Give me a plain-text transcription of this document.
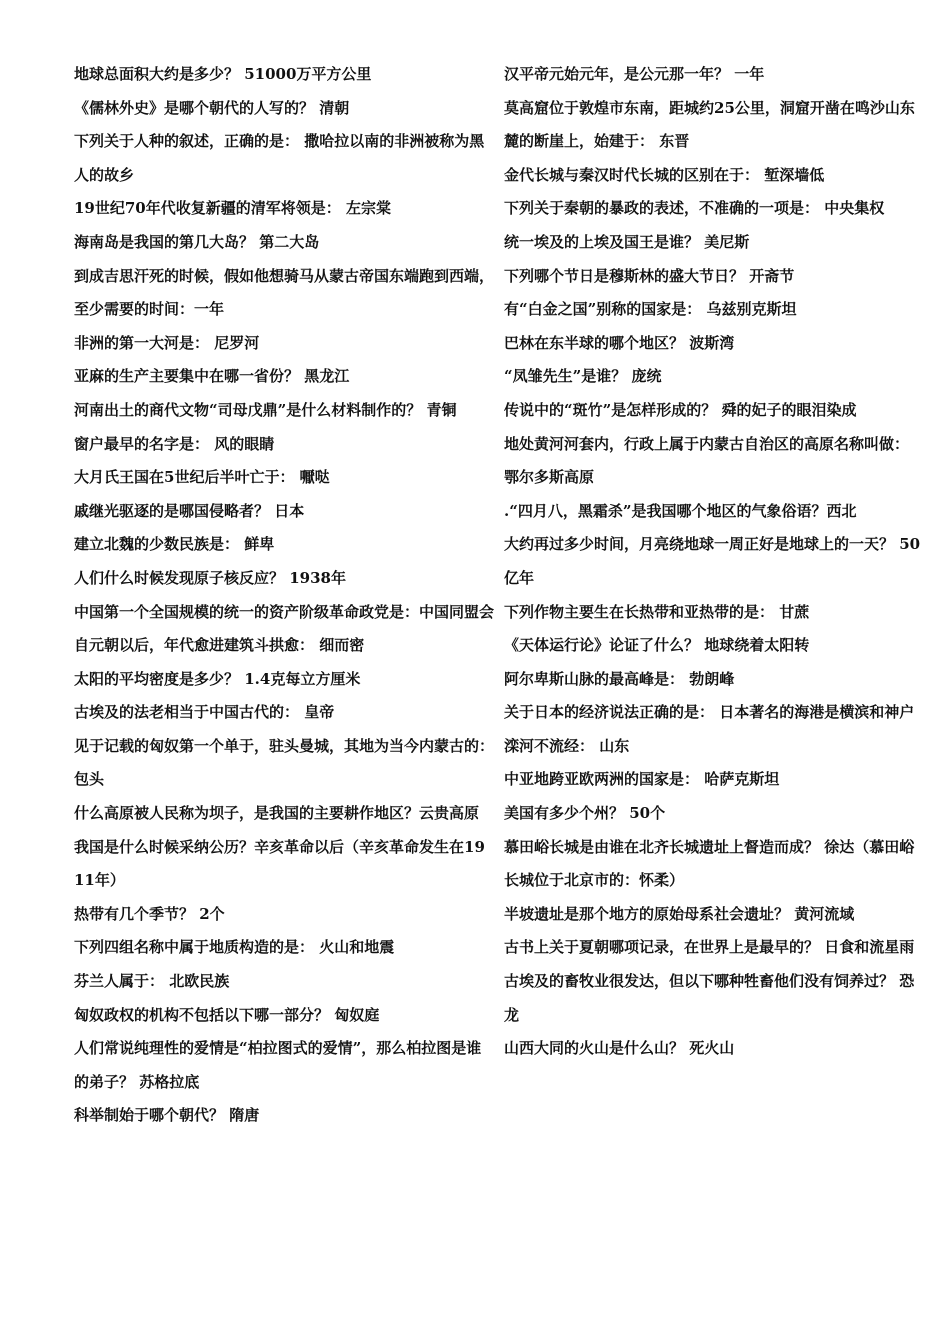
地球总面积大约是多少？ 51000万平方公里

《儒林外史》是哪个朝代的人写的？ 清朝

下列关于人种的叙述，正确的是： 撒哈拉以南的非洲被称为黑人的故乡

19世纪70年代收复新疆的清军将领是： 左宗棠

海南岛是我国的第几大岛？ 第二大岛

到成吉思汗死的时候，假如他想骑马从蒙古帝国东端跑到西端，至少需要的时间：一年

非洲的第一大河是： 尼罗河

亚麻的生产主要集中在哪一省份？ 黑龙江

河南出土的商代文物“司母戊鼎”是什么材料制作的？ 青铜

窗户最早的名字是： 风的眼睛

大月氏王国在5世纪后半叶亡于： 嚈哒

戚继光驱逐的是哪国侵略者？ 日本

建立北魏的少数民族是： 鲜卑

人们什么时候发现原子核反应？ 1938年

中国第一个全国规模的统一的资产阶级革命政党是：中国同盟会

自元朝以后，年代愈进建筑斗拱愈： 细而密

太阳的平均密度是多少？ 1.4克每立方厘米

古埃及的法老相当于中国古代的： 皇帝

见于记载的匈奴第一个单于，驻头曼城，其地为当今内蒙古的： 包头

什么高原被人民称为坝子，是我国的主要耕作地区？云贵高原

我国是什么时候采纳公历？辛亥革命以后（辛亥革命发生在1911年）

热带有几个季节？ 2个

下列四组名称中属于地质构造的是： 火山和地震

芬兰人属于： 北欧民族

匈奴政权的机构不包括以下哪一部分？ 匈奴庭

人们常说纯理性的爱情是“柏拉图式的爱情”，那么柏拉图是谁的弟子？ 苏格拉底

科举制始于哪个朝代？ 隋唐

汉平帝元始元年，是公元那一年？ 一年

莫高窟位于敦煌市东南，距城约25公里，洞窟开凿在鸣沙山东麓的断崖上，始建于： 东晋

金代长城与秦汉时代长城的区别在于： 堑深墙低

下列关于秦朝的暴政的表述，不准确的一项是： 中央集权

统一埃及的上埃及国王是谁？ 美尼斯

下列哪个节日是穆斯林的盛大节日？ 开斋节

有“白金之国”别称的国家是： 乌兹别克斯坦

巴林在东半球的哪个地区？ 波斯湾

“凤雏先生”是谁？ 庞统

传说中的“斑竹”是怎样形成的？ 舜的妃子的眼泪染成

地处黄河河套内，行政上属于内蒙古自治区的高原名称叫做： 鄂尔多斯高原

.“四月八，黑霜杀”是我国哪个地区的气象俗语？西北

大约再过多少时间，月亮绕地球一周正好是地球上的一天？ 50亿年

下列作物主要生在长热带和亚热带的是： 甘蔗

《天体运行论》论证了什么？ 地球绕着太阳转

阿尔卑斯山脉的最高峰是： 勃朗峰

关于日本的经济说法正确的是： 日本著名的海港是横滨和神户

滦河不流经： 山东

中亚地跨亚欧两洲的国家是： 哈萨克斯坦

美国有多少个州？ 50个

慕田峪长城是由谁在北齐长城遗址上督造而成？ 徐达（慕田峪长城位于北京市的：怀柔）

半坡遗址是那个地方的原始母系社会遗址？ 黄河流域

古书上关于夏朝哪项记录，在世界上是最早的？ 日食和流星雨

古埃及的畜牧业很发达，但以下哪种牲畜他们没有饲养过？ 恐龙

山西大同的火山是什么山？ 死火山
